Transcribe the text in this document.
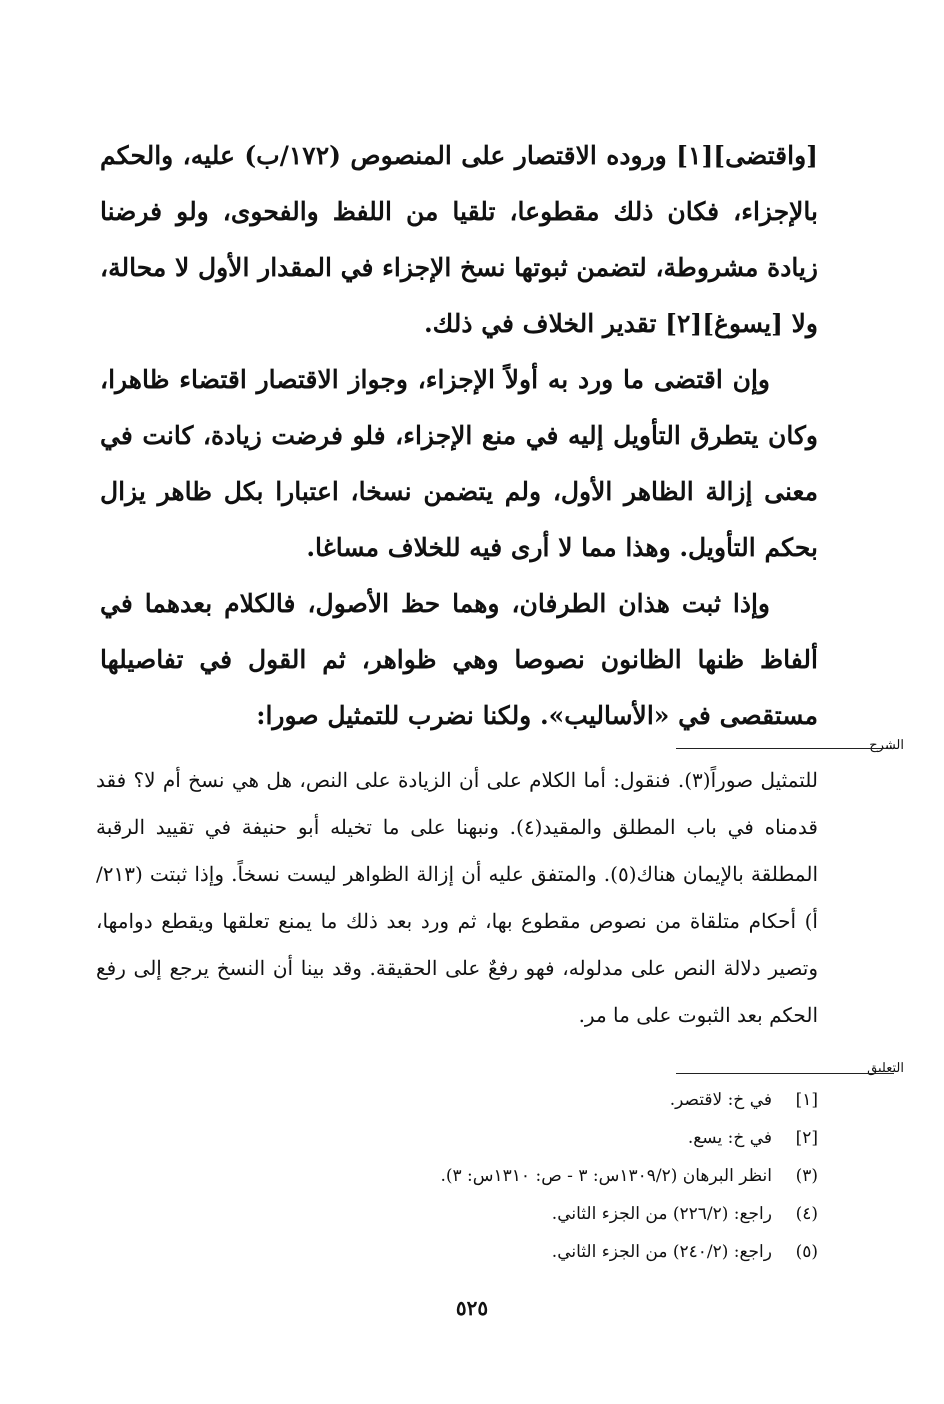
[واقتضى][١] وروده الاقتصار على المنصوص (١٧٢/ب) عليه، والحكم بالإجزاء، فكان ذلك مقطوعا، تلقيا من اللفظ والفحوى، ولو فرضنا زيادة مشروطة، لتضمن ثبوتها نسخ الإجزاء في المقدار الأول لا محالة، ولا [يسوغ][٢] تقدير الخلاف في ذلك.

وإن اقتضى ما ورد به أولاً الإجزاء، وجواز الاقتصار اقتضاء ظاهرا، وكان يتطرق التأويل إليه في منع الإجزاء، فلو فرضت زيادة، كانت في معنى إزالة الظاهر الأول، ولم يتضمن نسخا، اعتبارا بكل ظاهر يزال بحكم التأويل. وهذا مما لا أرى فيه للخلاف مساغا.

وإذا ثبت هذان الطرفان، وهما حظ الأصول، فالكلام بعدهما في ألفاظ ظنها الظانون نصوصا وهي ظواهر، ثم القول في تفاصيلها مستقصى في «الأساليب». ولكنا نضرب للتمثيل صورا:

الشرح

للتمثيل صوراً(٣). فنقول: أما الكلام على أن الزيادة على النص، هل هي نسخ أم لا؟ فقد قدمناه في باب المطلق والمقيد(٤). ونبهنا على ما تخيله أبو حنيفة في تقييد الرقبة المطلقة بالإيمان هناك(٥). والمتفق عليه أن إزالة الظواهر ليست نسخاً. وإذا ثبتت (٢١٣/أ) أحكام متلقاة من نصوص مقطوع بها، ثم ورد بعد ذلك ما يمنع تعلقها ويقطع دوامها، وتصير دلالة النص على مدلوله، فهو رفعٌ على الحقيقة. وقد بينا أن النسخ يرجع إلى رفع الحكم بعد الثبوت على ما مر.

التعليق
[١]
في خ: لاقتصر.
[٢]
في خ: يسع.
(٣)
انظر البرهان (١٣٠٩/٢س: ٣ - ص: ١٣١٠س: ٣).
(٤)
راجع: (٢٢٦/٢) من الجزء الثاني.
(٥)
راجع: (٢٤٠/٢) من الجزء الثاني.
٥٢٥
